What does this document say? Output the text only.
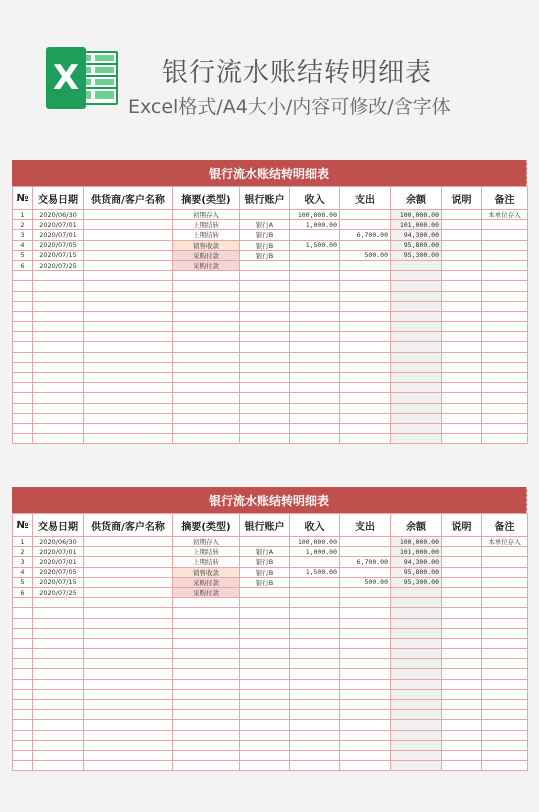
X	银行流水账结转明细表
Excel格式/A4大小/内容可修改/含字体
银行流水账结转明细表
№	交易日期	供货商/客户名称	摘要(类型)	银行账户	收入	支出	余额	说明	备注
1	2020/06/30		初期存入		100,000.00		100,000.00		本单位存入
2	2020/07/01		上期结转	银行A	1,000.00		101,000.00		
3	2020/07/01		上期结转	银行B		6,700.00	94,300.00		
4	2020/07/05		销售收款	银行B	1,500.00		95,800.00		
5	2020/07/15		采购付款	银行B		500.00	95,300.00		
6	2020/07/25		采购付款						

银行流水账结转明细表
№	交易日期	供货商/客户名称	摘要(类型)	银行账户	收入	支出	余额	说明	备注
1	2020/06/30		初期存入		100,000.00		100,000.00		本单位存入
2	2020/07/01		上期结转	银行A	1,000.00		101,000.00		
3	2020/07/01		上期结转	银行B		6,700.00	94,300.00		
4	2020/07/05		销售收款	银行B	1,500.00		95,800.00		
5	2020/07/15		采购付款	银行B		500.00	95,300.00		
6	2020/07/25		采购付款						
